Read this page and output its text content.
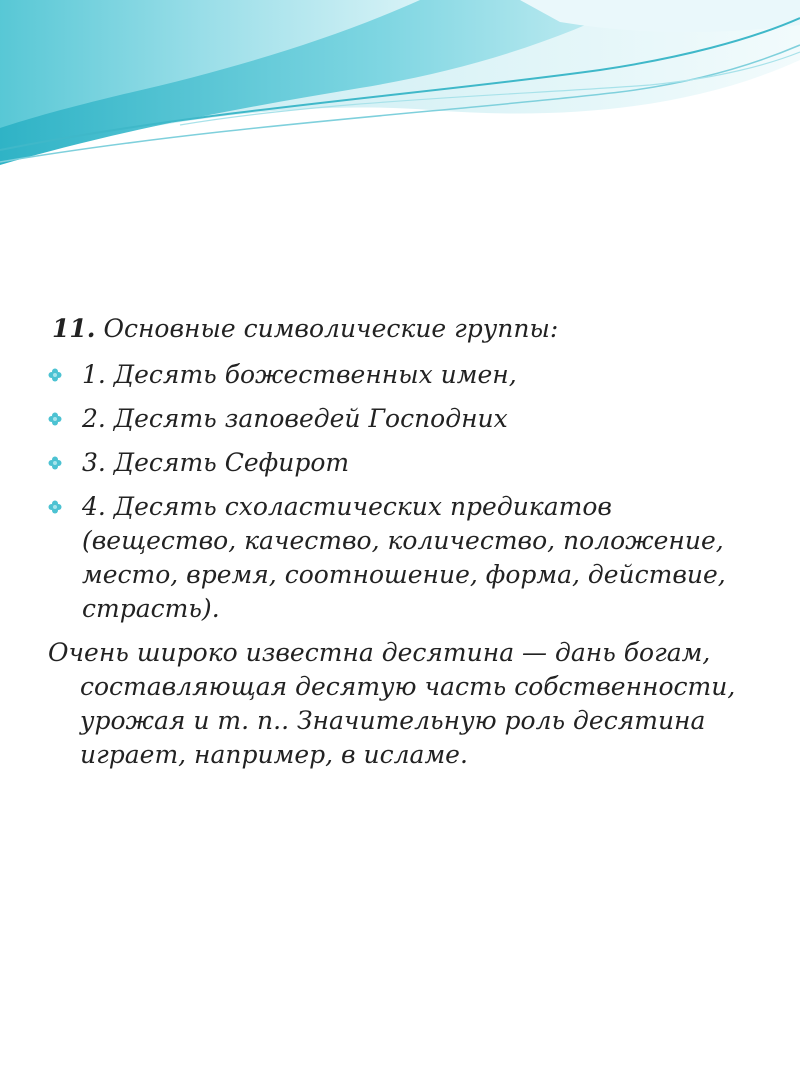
11. Основные символические группы:

1. Десять божественных имен,
2. Десять заповедей Господних
3. Десять Сефирот
4. Десять схоластических предикатов (вещество, качество, количество, положение, место, время, соотношение, форма, действие, страсть).

Очень широко известна десятина — дань богам, составляющая десятую часть собственности, урожая и т. п.. Значительную роль десятина играет, например, в исламе.
